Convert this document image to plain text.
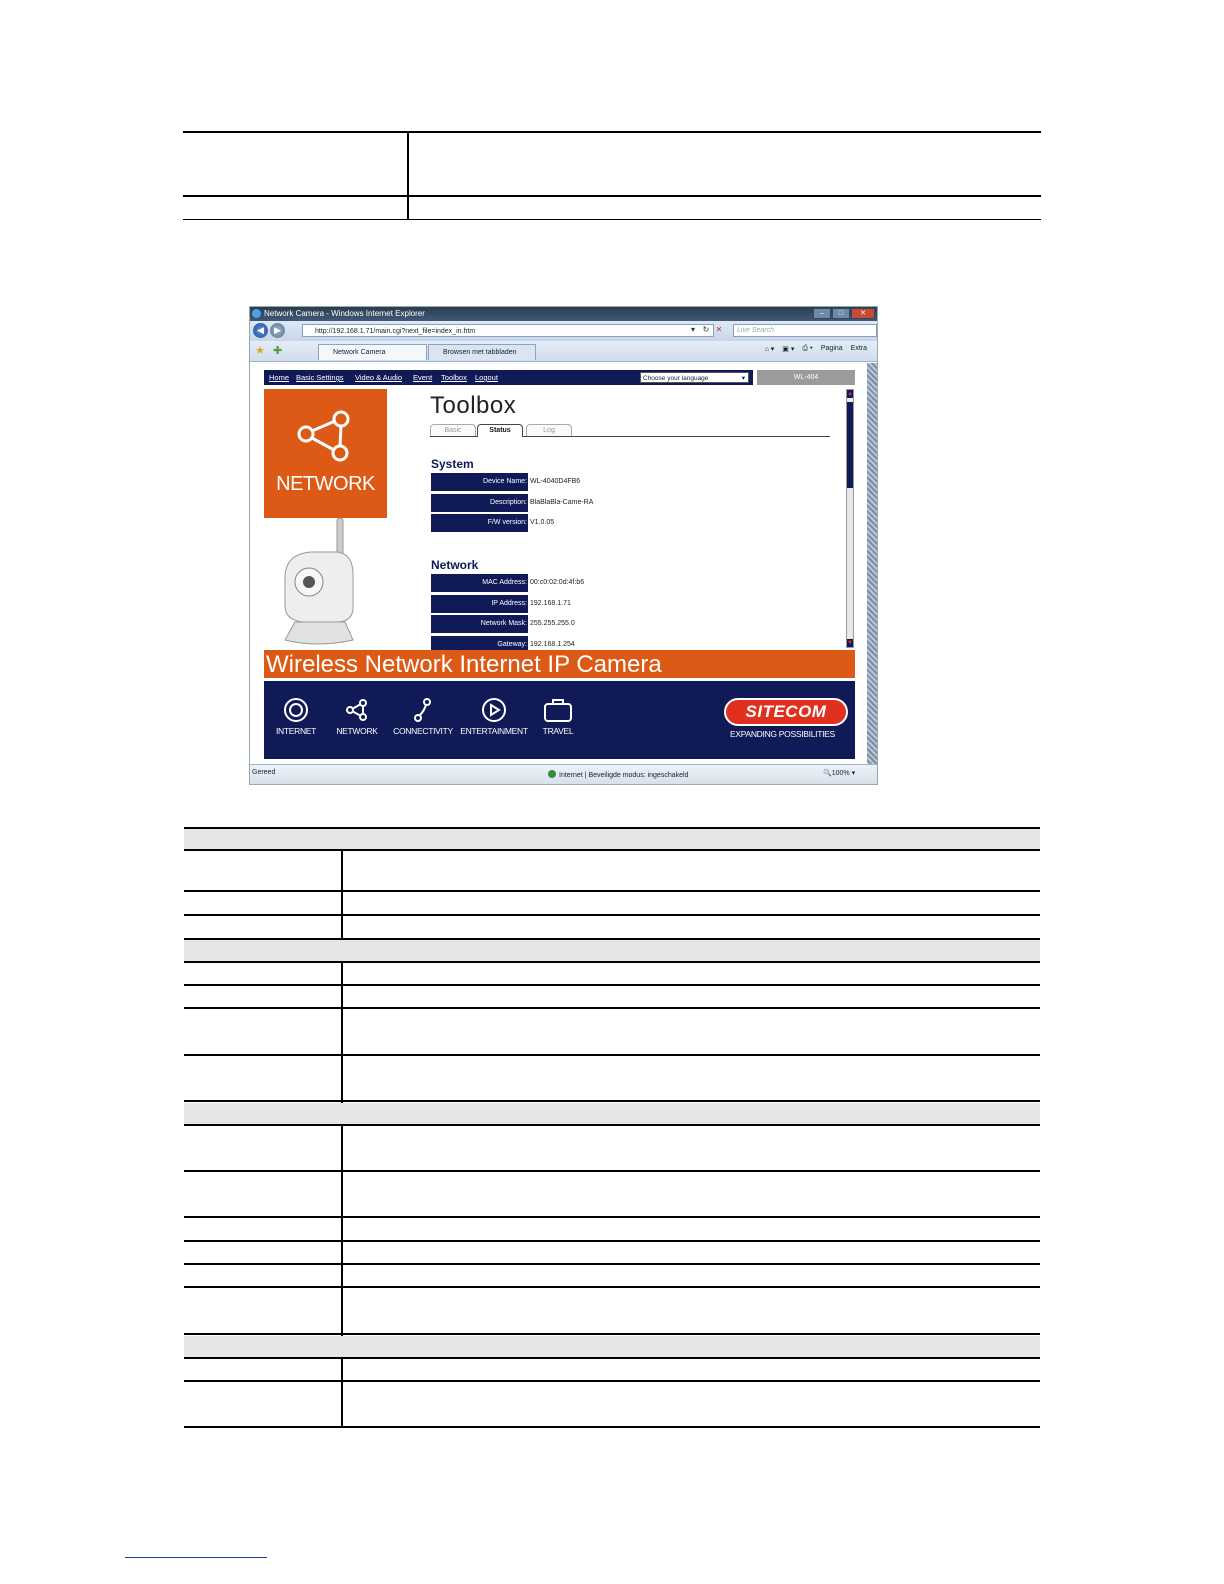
Network Camera - Windows Internet Explorer	–	□	✕
◀	▶	http://192.168.1.71/main.cgi?next_file=index_in.htm	▾ ↻ ✕	Live Search
★ ✚	Network Camera	Browsen met tabbladen	⌂ ▾ ▣ ▾ ⎙ ▾ Pagina Extra
Home Basic Settings Video & Audio Event Toolbox Logout	Choose your language	▾	WL-404
NETWORK
Toolbox
Basic	Status	Log
System
Device Name: WL-4040D4FB6
Description: BlaBlaBla-Came-RA
F/W version: V1.0.05
Network
MAC Address: 00:c0:02:0d:4f:b6
IP Address: 192.168.1.71
Network Mask: 255.255.255.0
Gateway: 192.168.1.254
▲
▼
Wireless Network Internet IP Camera
INTERNET	NETWORK	CONNECTIVITY ENTERTAINMENT	TRAVEL
SITECOM
EXPANDING POSSIBILITIES
Gereed	Internet | Beveiligde modus: ingeschakeld	🔍100% ▾
